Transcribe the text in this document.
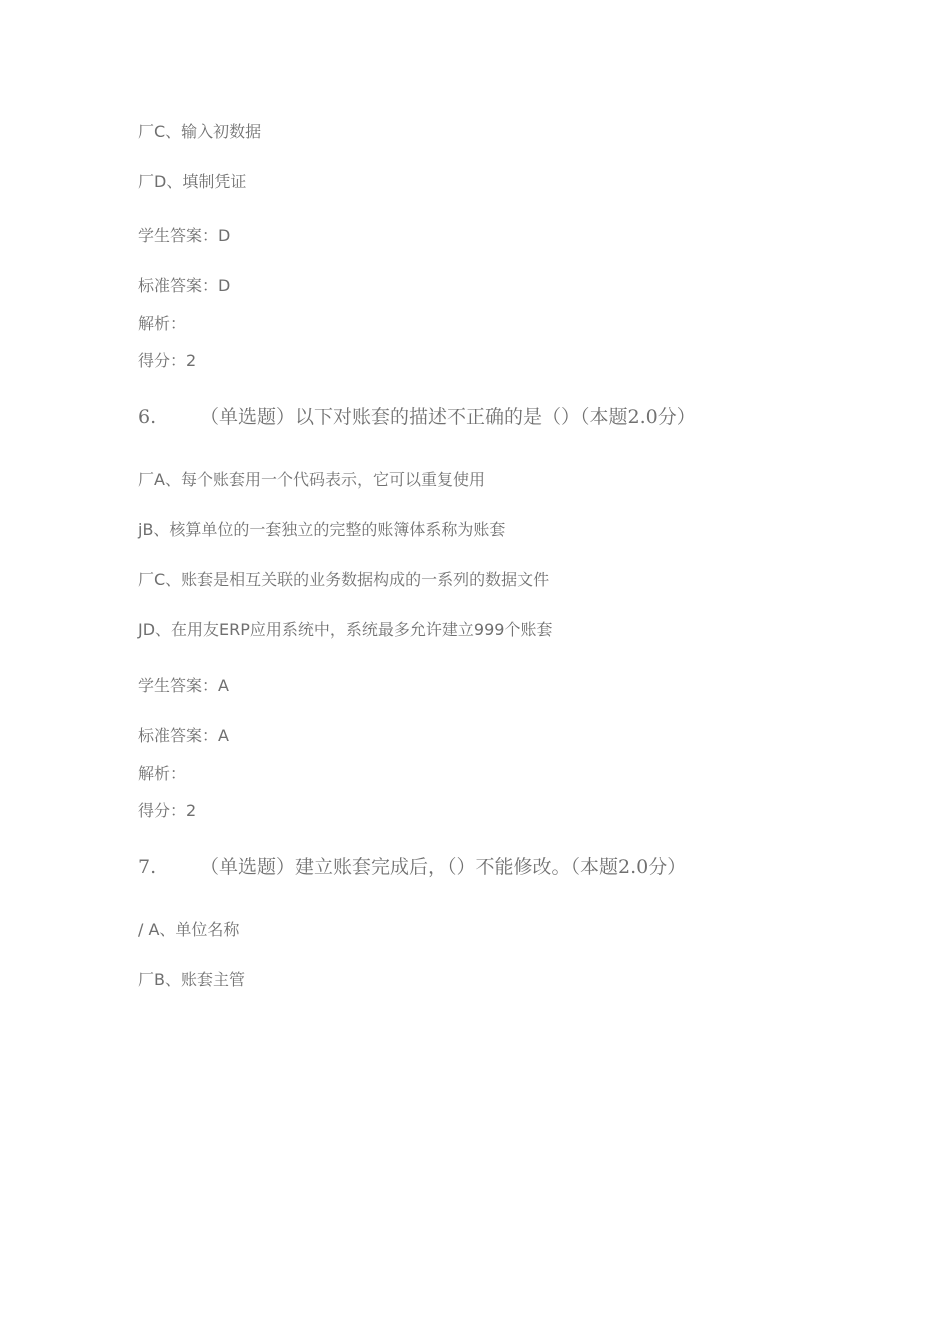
厂C、输入初数据
厂D、填制凭证
学生答案：D
标准答案：D
解析：
得分：2
6. （单选题）以下对账套的描述不正确的是（）（本题2.0分）
厂A、每个账套用一个代码表示，它可以重复使用
jB、核算单位的一套独立的完整的账簿体系称为账套
厂C、账套是相互关联的业务数据构成的一系列的数据文件
JD、在用友ERP应用系统中，系统最多允许建立999个账套
学生答案：A
标准答案：A
解析：
得分：2
7. （单选题）建立账套完成后，（）不能修改。（本题2.0分）
/ A、单位名称
厂B、账套主管
